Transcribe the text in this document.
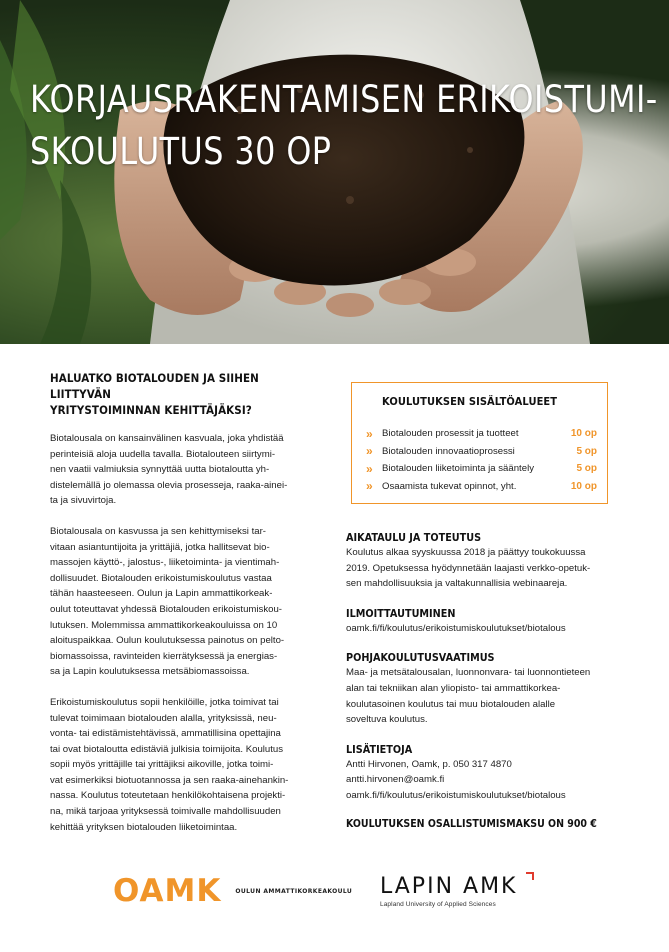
KORJAUSRAKENTAMISEN ERIKOISTUMI-
SKOULUTUS 30 OP
HALUATKO BIOTALOUDEN JA SIIHEN LIITTYVÄN
YRITYSTOIMINNAN KEHITTÄJÄKSI?
Biotalousala on kansainvälinen kasvuala, joka yhdistää
perinteisiä aloja uudella tavalla. Biotalouteen siirtymi-
nen vaatii valmiuksia synnyttää uutta biotaloutta yh-
distelemällä jo olemassa olevia prosesseja, raaka-ainei-
ta ja sivuvirtoja.
Biotalousala on kasvussa ja sen kehittymiseksi tar-
vitaan asiantuntijoita ja yrittäjiä, jotka hallitsevat bio-
massojen käyttö-, jalostus-, liiketoiminta- ja vientimah-
dollisuudet. Biotalouden erikoistumiskoulutus vastaa
tähän haasteeseen. Oulun ja Lapin ammattikorkeak-
oulut toteuttavat yhdessä Biotalouden erikoistumiskou-
lutuksen. Molemmissa ammattikorkeakouluissa on 10
aloituspaikkaa. Oulun koulutuksessa painotus on pelto-
biomassoissa, ravinteiden kierrätyksessä ja energias-
sa ja Lapin koulutuksessa metsäbiomassoissa.
Erikoistumiskoulutus sopii henkilöille, jotka toimivat tai
tulevat toimimaan biotalouden alalla, yrityksissä, neu-
vonta- tai edistämistehtävissä, ammatillisina opettajina
tai ovat biotaloutta edistäviä julkisia toimijoita. Koulutus
sopii myös yrittäjille tai yrittäjiksi aikoville, jotka toimi-
vat esimerkiksi biotuotannossa ja sen raaka-ainehankin-
nassa. Koulutus toteutetaan henkilökohtaisena projekti-
na, mikä tarjoaa yrityksessä toimivalle mahdollisuuden
kehittää yrityksen biotalouden liiketoimintaa.
KOULUTUKSEN SISÄLTÖALUEET
» Biotalouden prosessit ja tuotteet	10 op
» Biotalouden innovaatioprosessi	5 op
» Biotalouden liiketoiminta ja sääntely	5 op
» Osaamista tukevat opinnot, yht.	10 op
AIKATAULU JA TOTEUTUS
Koulutus alkaa syyskuussa 2018 ja päättyy toukokuussa
2019. Opetuksessa hyödynnetään laajasti verkko-opetuk-
sen mahdollisuuksia ja valtakunnallisia webinaareja.
ILMOITTAUTUMINEN
oamk.fi/fi/koulutus/erikoistumiskoulutukset/biotalous
POHJAKOULUTUSVAATIMUS
Maa- ja metsätalousalan, luonnonvara- tai luonnontieteen
alan tai tekniikan alan yliopisto- tai ammattikorkea-
koulutasoinen koulutus tai muu biotalouden alalle
soveltuva koulutus.
LISÄTIETOJA
Antti Hirvonen, Oamk, p. 050 317 4870
antti.hirvonen@oamk.fi
oamk.fi/fi/koulutus/erikoistumiskoulutukset/biotalous
KOULUTUKSEN OSALLISTUMISMAKSU ON 900 €
OAMK OULUN AMMATTIKORKEAKOULU LAPIN AMK
Lapland University of Applied Sciences
